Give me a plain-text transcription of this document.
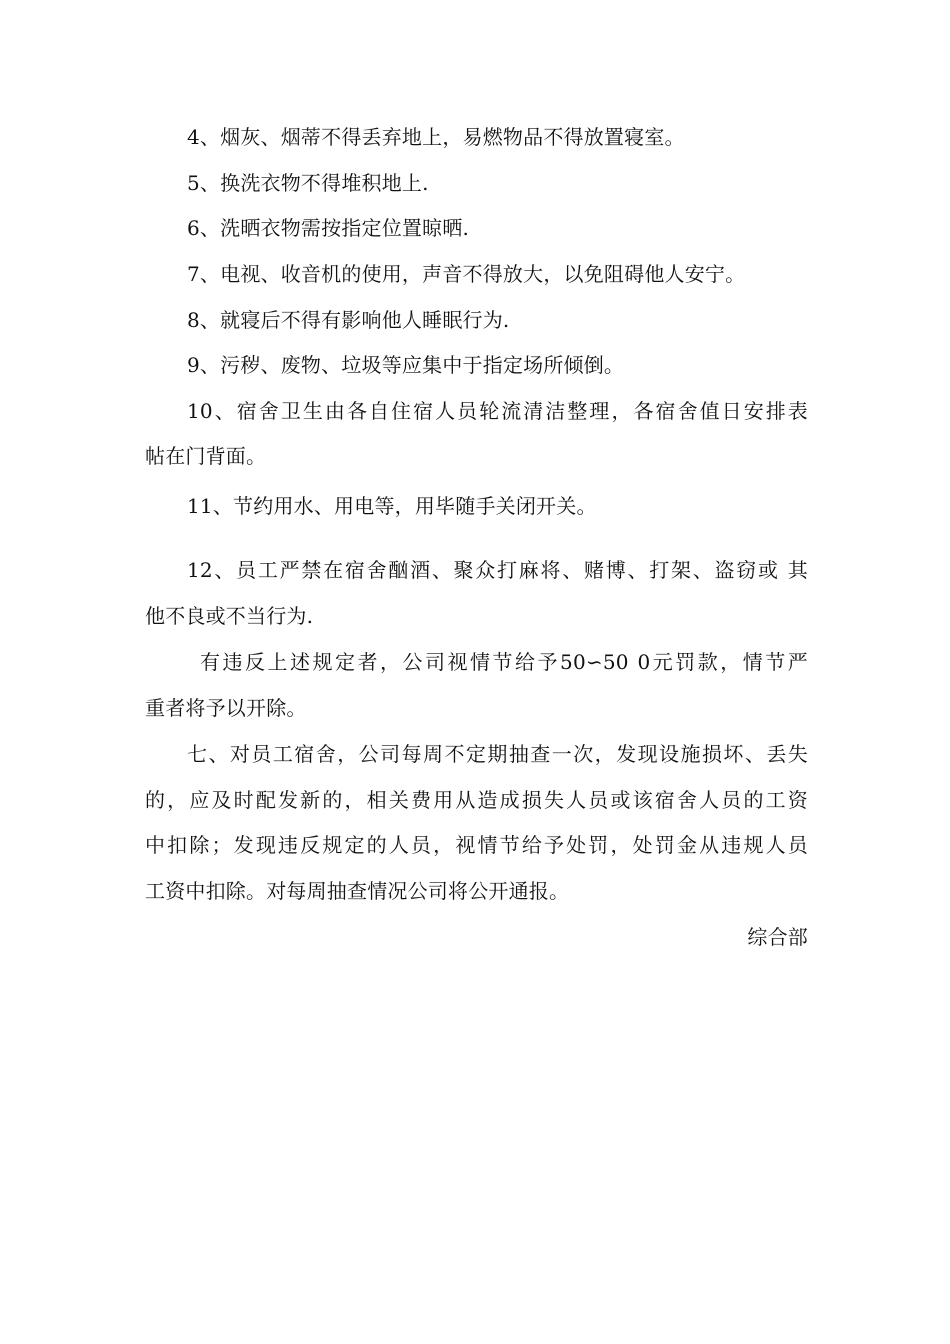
4、烟灰、烟蒂不得丢弃地上，易燃物品不得放置寝室。
5、换洗衣物不得堆积地上.
6、洗晒衣物需按指定位置晾晒.
7、电视、收音机的使用，声音不得放大，以免阻碍他人安宁。
8、就寝后不得有影响他人睡眠行为.
9、污秽、废物、垃圾等应集中于指定场所倾倒。
10、宿舍卫生由各自住宿人员轮流清洁整理，各宿舍值日安排表
帖在门背面。
11、节约用水、用电等，用毕随手关闭开关。
12、员工严禁在宿舍酗酒、聚众打麻将、赌博、打架、盗窃或 其
他不良或不当行为.
有违反上述规定者，公司视情节给予50∽50 0元罚款，情节严
重者将予以开除。
七、对员工宿舍，公司每周不定期抽查一次，发现设施损坏、丢失
的，应及时配发新的，相关费用从造成损失人员或该宿舍人员的工资
中扣除；发现违反规定的人员，视情节给予处罚，处罚金从违规人员
工资中扣除。对每周抽查情况公司将公开通报。
综合部
